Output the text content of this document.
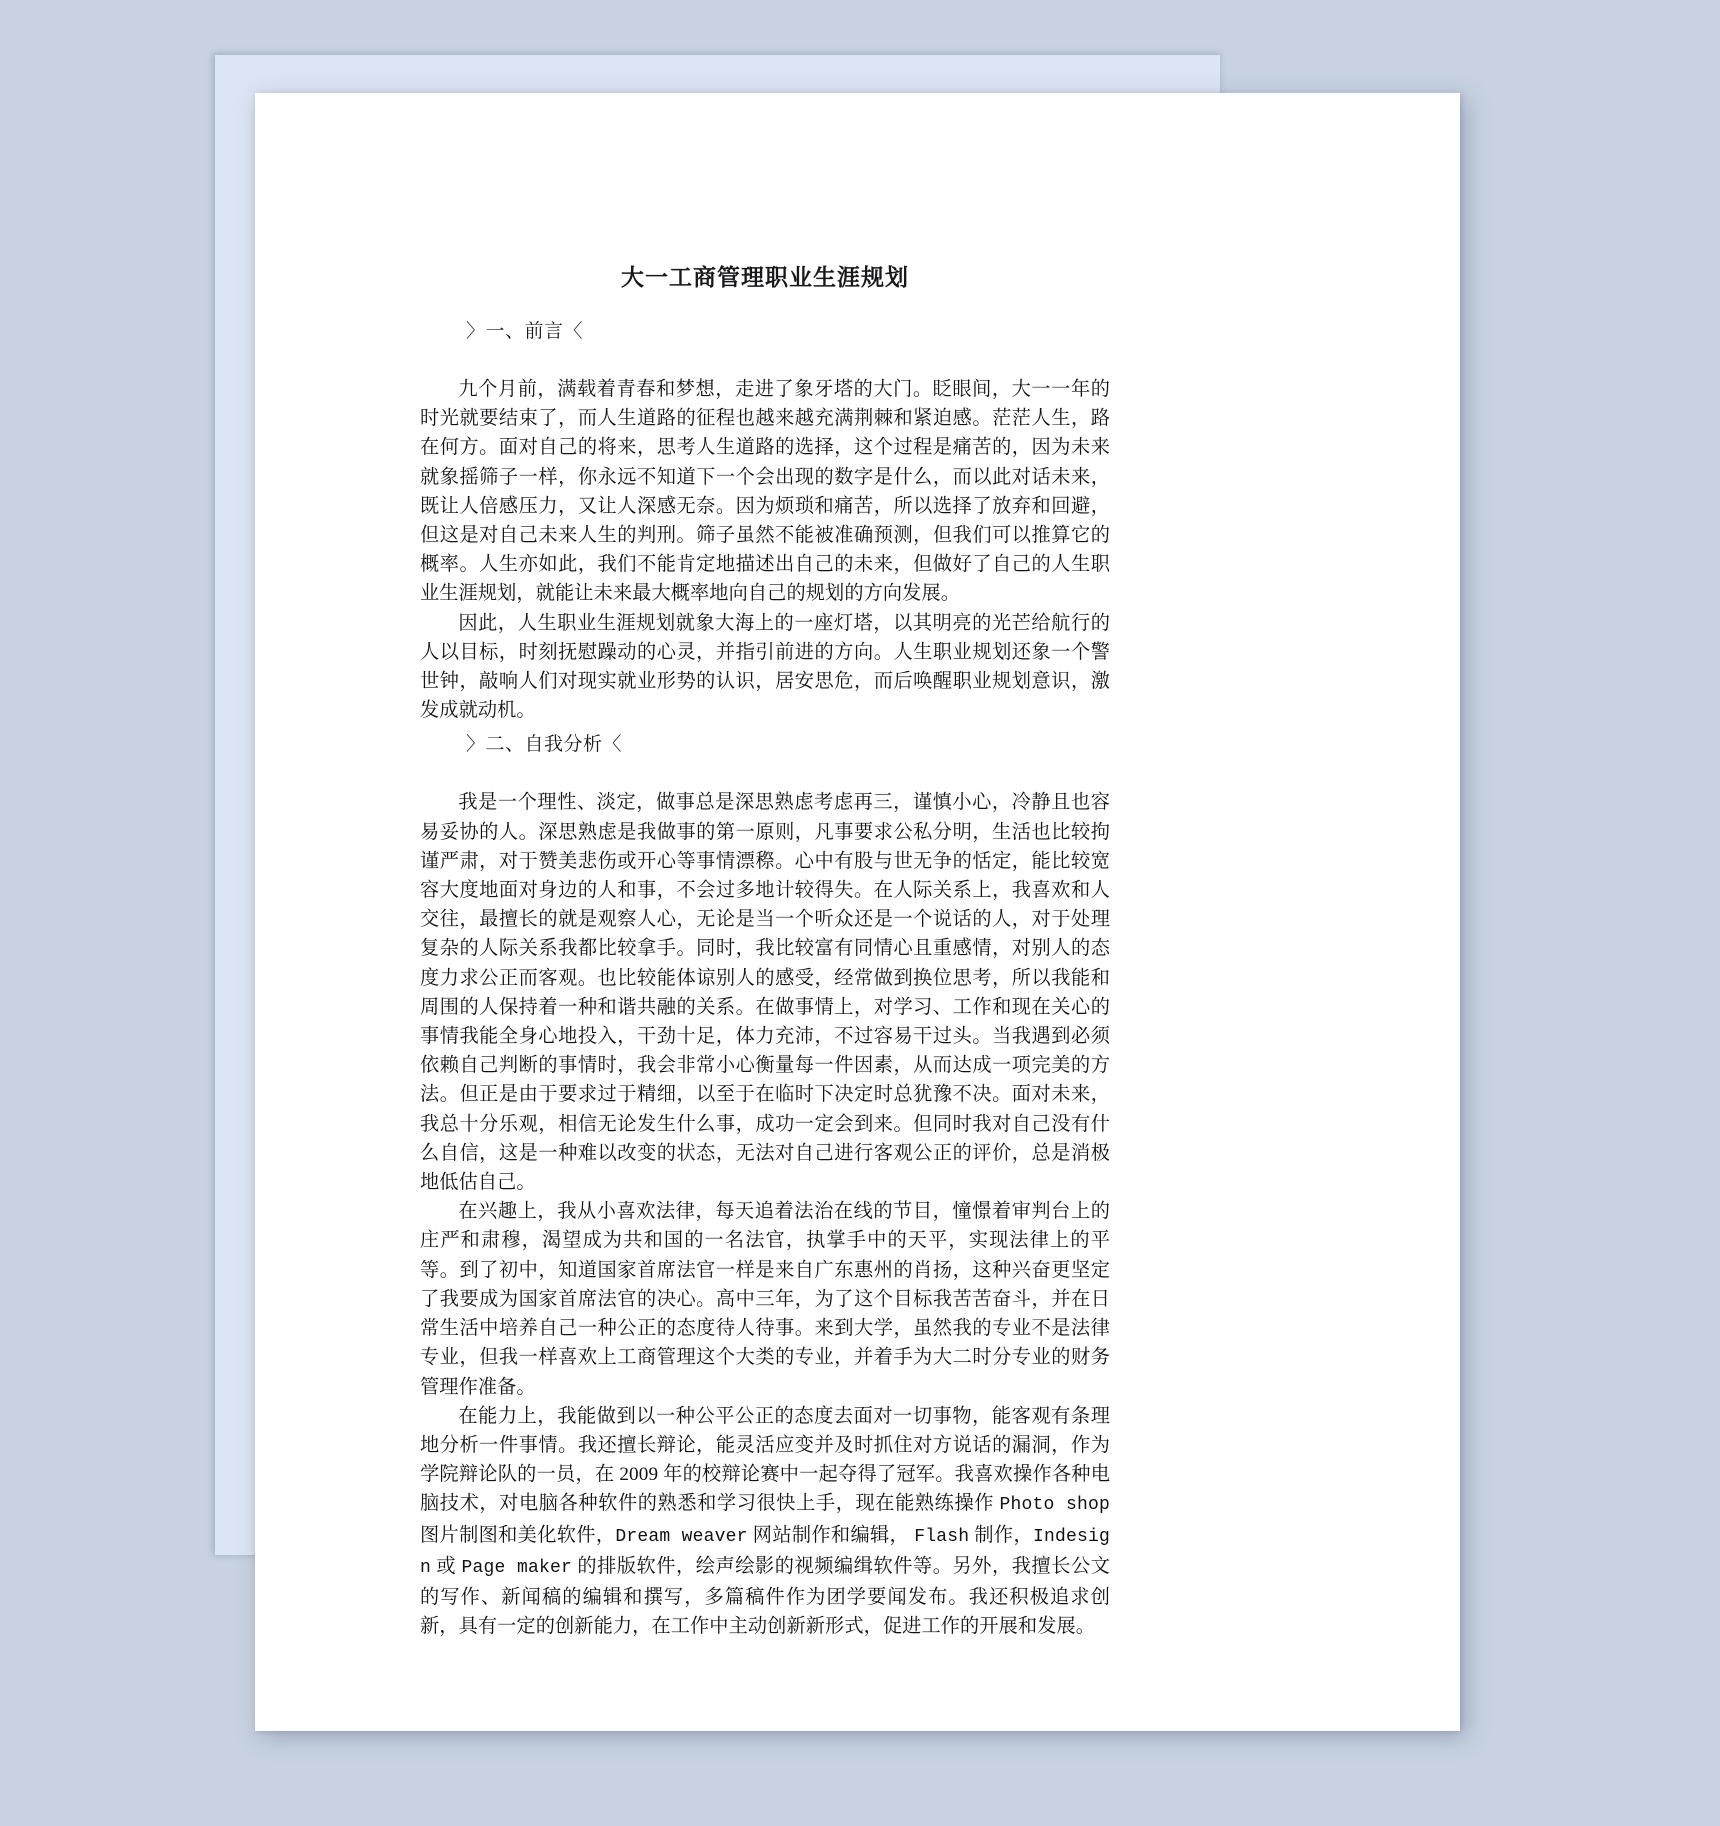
大一工商管理职业生涯规划
〉一、前言〈

九个月前，满载着青春和梦想，走进了象牙塔的大门。眨眼间，大一一年的时光就要结束了，而人生道路的征程也越来越充满荆棘和紧迫感。茫茫人生，路在何方。面对自己的将来，思考人生道路的选择，这个过程是痛苦的，因为未来就象摇筛子一样，你永远不知道下一个会出现的数字是什么，而以此对话未来，既让人倍感压力，又让人深感无奈。因为烦琐和痛苦，所以选择了放弃和回避，但这是对自己未来人生的判刑。筛子虽然不能被准确预测，但我们可以推算它的概率。人生亦如此，我们不能肯定地描述出自己的未来，但做好了自己的人生职业生涯规划，就能让未来最大概率地向自己的规划的方向发展。

因此，人生职业生涯规划就象大海上的一座灯塔，以其明亮的光芒给航行的人以目标，时刻抚慰躁动的心灵，并指引前进的方向。人生职业规划还象一个警世钟，敲响人们对现实就业形势的认识，居安思危，而后唤醒职业规划意识，激发成就动机。

〉二、自我分析〈

我是一个理性、淡定，做事总是深思熟虑考虑再三，谨慎小心，冷静且也容易妥协的人。深思熟虑是我做事的第一原则，凡事要求公私分明，生活也比较拘谨严肃，对于赞美悲伤或开心等事情漂穄。心中有股与世无争的恬定，能比较宽容大度地面对身边的人和事，不会过多地计较得失。在人际关系上，我喜欢和人交往，最擅长的就是观察人心，无论是当一个听众还是一个说话的人，对于处理复杂的人际关系我都比较拿手。同时，我比较富有同情心且重感情，对别人的态度力求公正而客观。也比较能体谅别人的感受，经常做到换位思考，所以我能和周围的人保持着一种和谐共融的关系。在做事情上，对学习、工作和现在关心的事情我能全身心地投入，干劲十足，体力充沛，不过容易干过头。当我遇到必须依赖自己判断的事情时，我会非常小心衡量每一件因素，从而达成一项完美的方法。但正是由于要求过于精细，以至于在临时下决定时总犹豫不决。面对未来，我总十分乐观，相信无论发生什么事，成功一定会到来。但同时我对自己没有什么自信，这是一种难以改变的状态，无法对自己进行客观公正的评价，总是消极地低估自己。

在兴趣上，我从小喜欢法律，每天追着法治在线的节目，憧憬着审判台上的庄严和肃穆，渴望成为共和国的一名法官，执掌手中的天平，实现法律上的平等。到了初中，知道国家首席法官一样是来自广东惠州的肖扬，这种兴奋更坚定了我要成为国家首席法官的决心。高中三年，为了这个目标我苦苦奋斗，并在日常生活中培养自己一种公正的态度待人待事。来到大学，虽然我的专业不是法律专业，但我一样喜欢上工商管理这个大类的专业，并着手为大二时分专业的财务管理作准备。

在能力上，我能做到以一种公平公正的态度去面对一切事物，能客观有条理地分析一件事情。我还擅长辩论，能灵活应变并及时抓住对方说话的漏洞，作为学院辩论队的一员，在 2009 年的校辩论赛中一起夺得了冠军。我喜欢操作各种电脑技术，对电脑各种软件的熟悉和学习很快上手，现在能熟练操作 Photo shop 图片制图和美化软件，Dream weaver 网站制作和编辑， Flash 制作，Indesign 或 Page maker 的排版软件，绘声绘影的视频编缉软件等。另外，我擅长公文的写作、新闻稿的编辑和撰写，多篇稿件作为团学要闻发布。我还积极追求创新，具有一定的创新能力，在工作中主动创新新形式，促进工作的开展和发展。
